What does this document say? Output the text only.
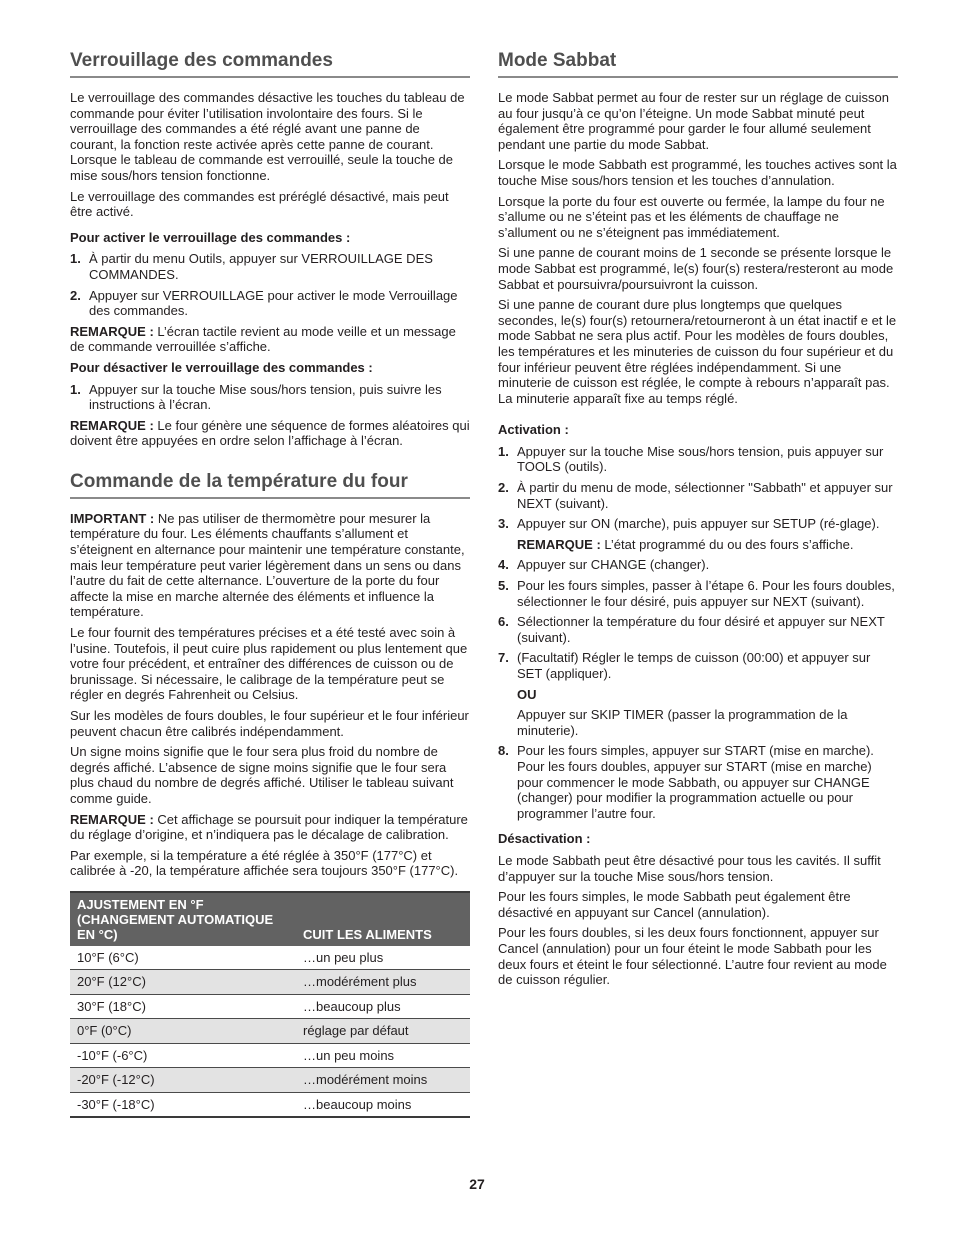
Verrouillage des commandes

Le verrouillage des commandes désactive les touches du tableau de commande pour éviter l’utilisation involontaire des fours. Si le verrouillage des commandes a été réglé avant une panne de courant, la fonction reste activée après cette panne de courant. Lorsque le tableau de commande est verrouillé, seule la touche de mise sous/hors tension fonctionne.

Le verrouillage des commandes est préréglé désactivé, mais peut être activé.

Pour activer le verrouillage des commandes :

1. À partir du menu Outils, appuyer sur VERROUILLAGE DES COMMANDES.
2. Appuyer sur VERROUILLAGE pour activer le mode Verrouillage des commandes.

REMARQUE : L’écran tactile revient au mode veille et un message de commande verrouillée s’affiche.

Pour désactiver le verrouillage des commandes :

1. Appuyer sur la touche Mise sous/hors tension, puis suivre les instructions à l’écran.

REMARQUE : Le four génère une séquence de formes aléatoires qui doivent être appuyées en ordre selon l’affichage à l’écran.

Commande de la température du four

IMPORTANT : Ne pas utiliser de thermomètre pour mesurer la température du four. Les éléments chauffants s’allument et s’éteignent en alternance pour maintenir une température constante, mais leur température peut varier légèrement dans un sens ou dans l’autre du fait de cette alternance. L’ouverture de la porte du four affecte la mise en marche alternée des éléments et influence la température.

Le four fournit des températures précises et a été testé avec soin à l’usine. Toutefois, il peut cuire plus rapidement ou plus lentement que votre four précédent, et entraîner des différences de cuisson ou de brunissage. Si nécessaire, le calibrage de la température peut se régler en degrés Fahrenheit ou Celsius.

Sur les modèles de fours doubles, le four supérieur et le four inférieur peuvent chacun être calibrés indépendamment.

Un signe moins signifie que le four sera plus froid du nombre de degrés affiché. L’absence de signe moins signifie que le four sera plus chaud du nombre de degrés affiché. Utiliser le tableau suivant comme guide.

REMARQUE : Cet affichage se poursuit pour indiquer la température du réglage d’origine, et n’indiquera pas le décalage de calibration.

Par exemple, si la température a été réglée à 350°F (177°C) et calibrée à -20, la température affichée sera toujours 350°F (177°C).

AJUSTEMENT EN °F (CHANGEMENT AUTOMATIQUE EN °C)	CUIT LES ALIMENTS
10°F (6°C)	…un peu plus
20°F (12°C)	…modérément plus
30°F (18°C)	…beaucoup plus
0°F (0°C)	réglage par défaut
-10°F (-6°C)	…un peu moins
-20°F (-12°C)	…modérément moins
-30°F (-18°C)	…beaucoup moins
Mode Sabbat

Le mode Sabbat permet au four de rester sur un réglage de cuisson au four jusqu’à ce qu’on l’éteigne. Un mode Sabbat minuté peut également être programmé pour garder le four allumé seulement pendant une partie du mode Sabbat.

Lorsque le mode Sabbath est programmé, les touches actives sont la touche Mise sous/hors tension et les touches d’annulation.

Lorsque la porte du four est ouverte ou fermée, la lampe du four ne s’allume ou ne s’éteint pas et les éléments de chauffage ne s’allument ou ne s’éteignent pas immédiatement.

Si une panne de courant moins de 1 seconde se présente lorsque le mode Sabbat est programmé, le(s) four(s) restera/resteront au mode Sabbat et poursuivra/poursuivront la cuisson.

Si une panne de courant dure plus longtemps que quelques secondes, le(s) four(s) retournera/retourneront à un état inactif e et le mode Sabbat ne sera plus actif. Pour les modèles de fours doubles, les températures et les minuteries de cuisson du four supérieur et du four inférieur peuvent être réglées indépendamment. Si une minuterie de cuisson est réglée, le compte à rebours n’apparaît pas. La minuterie apparaît fixe au temps réglé.

Activation :

1. Appuyer sur la touche Mise sous/hors tension, puis appuyer sur TOOLS (outils).
2. À partir du menu de mode, sélectionner "Sabbath" et appuyer sur NEXT (suivant).
3. Appuyer sur ON (marche), puis appuyer sur SETUP (ré-glage).

REMARQUE : L’état programmé du ou des fours s’affiche.

4. Appuyer sur CHANGE (changer).
5. Pour les fours simples, passer à l’étape 6. Pour les fours doubles, sélectionner le four désiré, puis appuyer sur NEXT (suivant).
6. Sélectionner la température du four désiré et appuyer sur NEXT (suivant).
7. (Facultatif) Régler le temps de cuisson (00:00) et appuyer sur SET (appliquer).

OU

Appuyer sur SKIP TIMER (passer la programmation de la minuterie).

8. Pour les fours simples, appuyer sur START (mise en marche). Pour les fours doubles, appuyer sur START (mise en marche) pour commencer le mode Sabbath, ou appuyer sur CHANGE (changer) pour modifier la programmation actuelle ou pour programmer l’autre four.

Désactivation :

Le mode Sabbath peut être désactivé pour tous les cavités. Il suffit d’appuyer sur la touche Mise sous/hors tension.

Pour les fours simples, le mode Sabbath peut également être désactivé en appuyant sur Cancel (annulation).

Pour les fours doubles, si les deux fours fonctionnent, appuyer sur Cancel (annulation) pour un four éteint le mode Sabbath pour les deux fours et éteint le four sélectionné. L’autre four revient au mode de cuisson régulier.

27
